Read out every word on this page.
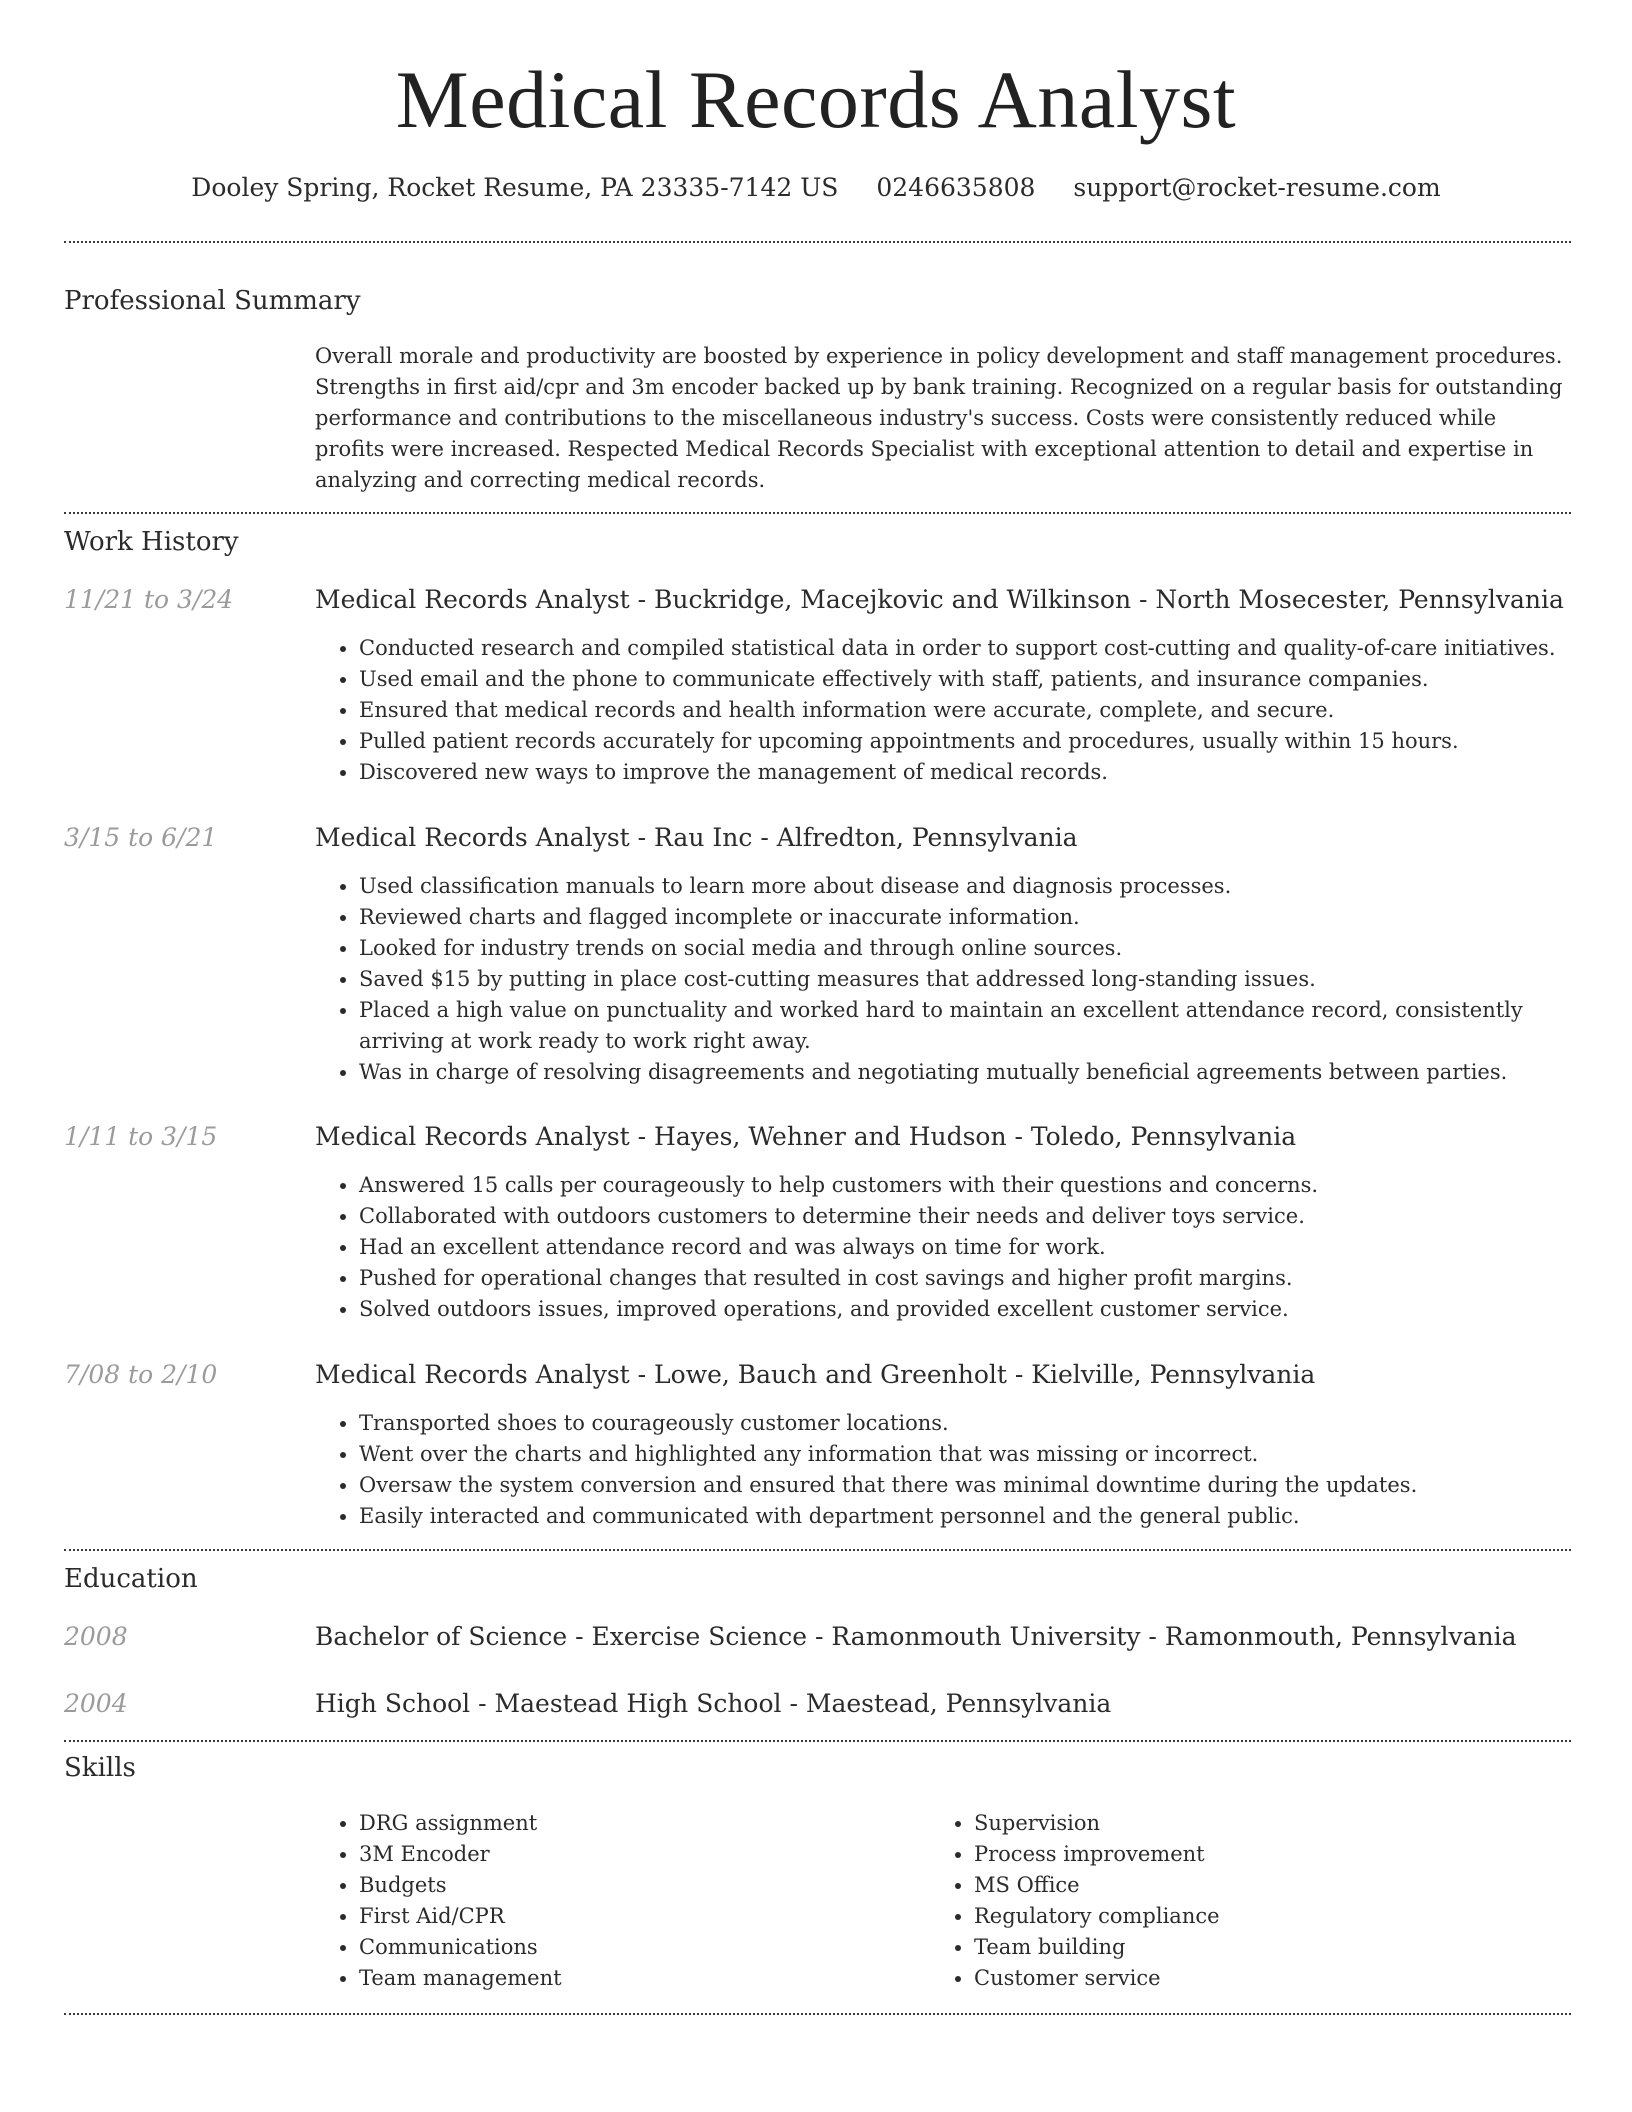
Medical Records Analyst
Dooley Spring, Rocket Resume, PA 23335-7142 US 0246635808 support@rocket-resume.com
Professional Summary
Overall morale and productivity are boosted by experience in policy development and staff management procedures. Strengths in first aid/cpr and 3m encoder backed up by bank training. Recognized on a regular basis for outstanding performance and contributions to the miscellaneous industry's success. Costs were consistently reduced while profits were increased. Respected Medical Records Specialist with exceptional attention to detail and expertise in analyzing and correcting medical records.
Work History
11/21 to 3/24	Medical Records Analyst - Buckridge, Macejkovic and Wilkinson - North Mosecester, Pennsylvania
• Conducted research and compiled statistical data in order to support cost-cutting and quality-of-care initiatives.
• Used email and the phone to communicate effectively with staff, patients, and insurance companies.
• Ensured that medical records and health information were accurate, complete, and secure.
• Pulled patient records accurately for upcoming appointments and procedures, usually within 15 hours.
• Discovered new ways to improve the management of medical records.
3/15 to 6/21	Medical Records Analyst - Rau Inc - Alfredton, Pennsylvania
• Used classification manuals to learn more about disease and diagnosis processes.
• Reviewed charts and flagged incomplete or inaccurate information.
• Looked for industry trends on social media and through online sources.
• Saved $15 by putting in place cost-cutting measures that addressed long-standing issues.
• Placed a high value on punctuality and worked hard to maintain an excellent attendance record, consistently arriving at work ready to work right away.
• Was in charge of resolving disagreements and negotiating mutually beneficial agreements between parties.
1/11 to 3/15	Medical Records Analyst - Hayes, Wehner and Hudson - Toledo, Pennsylvania
• Answered 15 calls per courageously to help customers with their questions and concerns.
• Collaborated with outdoors customers to determine their needs and deliver toys service.
• Had an excellent attendance record and was always on time for work.
• Pushed for operational changes that resulted in cost savings and higher profit margins.
• Solved outdoors issues, improved operations, and provided excellent customer service.
7/08 to 2/10	Medical Records Analyst - Lowe, Bauch and Greenholt - Kielville, Pennsylvania
• Transported shoes to courageously customer locations.
• Went over the charts and highlighted any information that was missing or incorrect.
• Oversaw the system conversion and ensured that there was minimal downtime during the updates.
• Easily interacted and communicated with department personnel and the general public.
Education
2008	Bachelor of Science - Exercise Science - Ramonmouth University - Ramonmouth, Pennsylvania
2004	High School - Maestead High School - Maestead, Pennsylvania
Skills
• DRG assignment
• 3M Encoder
• Budgets
• First Aid/CPR
• Communications
• Team management
• Supervision
• Process improvement
• MS Office
• Regulatory compliance
• Team building
• Customer service
